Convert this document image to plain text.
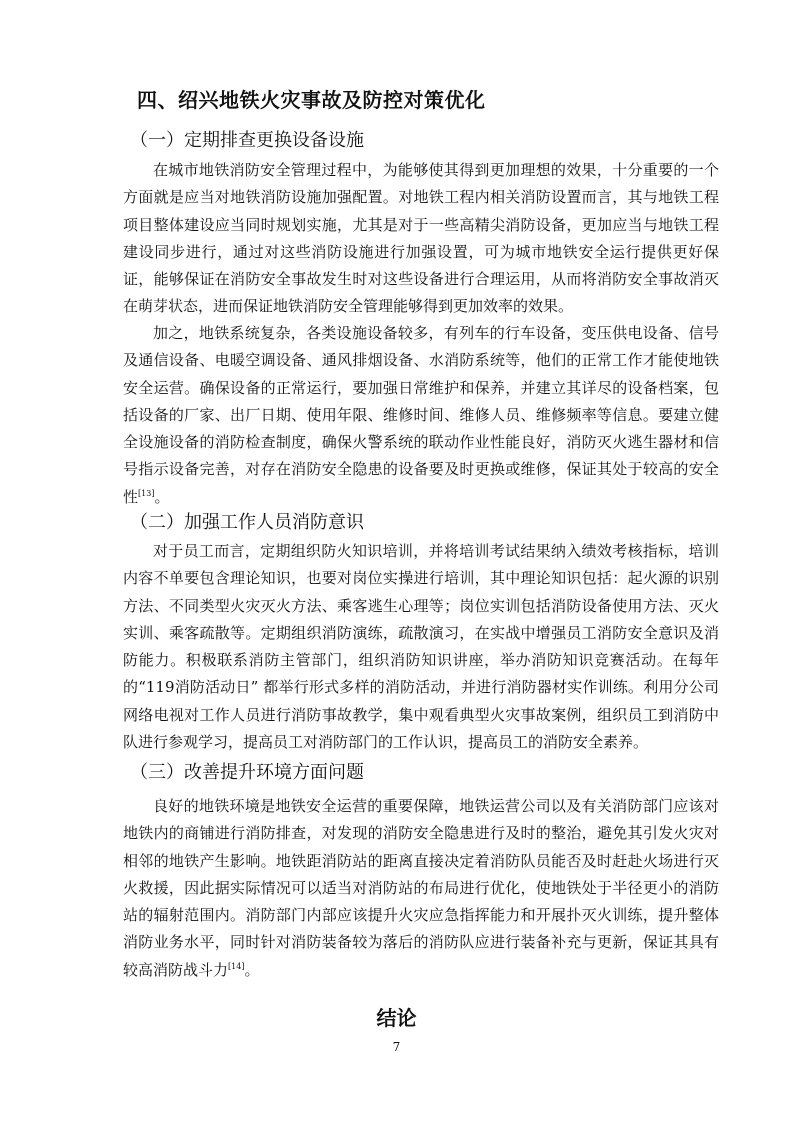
四、绍兴地铁火灾事故及防控对策优化
（一）定期排查更换设备设施

在城市地铁消防安全管理过程中，为能够使其得到更加理想的效果，十分重要的一个方面就是应当对地铁消防设施加强配置。对地铁工程内相关消防设置而言，其与地铁工程项目整体建设应当同时规划实施，尤其是对于一些高精尖消防设备，更加应当与地铁工程建设同步进行，通过对这些消防设施进行加强设置，可为城市地铁安全运行提供更好保证，能够保证在消防安全事故发生时对这些设备进行合理运用，从而将消防安全事故消灭在萌芽状态，进而保证地铁消防安全管理能够得到更加效率的效果。

加之，地铁系统复杂，各类设施设备较多，有列车的行车设备，变压供电设备、信号及通信设备、电暖空调设备、通风排烟设备、水消防系统等，他们的正常工作才能使地铁安全运营。确保设备的正常运行，要加强日常维护和保养，并建立其详尽的设备档案，包括设备的厂家、出厂日期、使用年限、维修时间、维修人员、维修频率等信息。要建立健全设施设备的消防检查制度，确保火警系统的联动作业性能良好，消防灭火逃生器材和信号指示设备完善，对存在消防安全隐患的设备要及时更换或维修，保证其处于较高的安全性[13]。

（二）加强工作人员消防意识

对于员工而言，定期组织防火知识培训，并将培训考试结果纳入绩效考核指标，培训内容不单要包含理论知识，也要对岗位实操进行培训，其中理论知识包括：起火源的识别方法、不同类型火灾灭火方法、乘客逃生心理等；岗位实训包括消防设备使用方法、灭火实训、乘客疏散等。定期组织消防演练，疏散演习，在实战中增强员工消防安全意识及消防能力。积极联系消防主管部门，组织消防知识讲座，举办消防知识竞赛活动。在每年的“119消防活动日” 都举行形式多样的消防活动，并进行消防器材实作训练。利用分公司网络电视对工作人员进行消防事故教学，集中观看典型火灾事故案例，组织员工到消防中队进行参观学习，提高员工对消防部门的工作认识，提高员工的消防安全素养。

（三）改善提升环境方面问题

良好的地铁环境是地铁安全运营的重要保障，地铁运营公司以及有关消防部门应该对地铁内的商铺进行消防排查，对发现的消防安全隐患进行及时的整治，避免其引发火灾对相邻的地铁产生影响。地铁距消防站的距离直接决定着消防队员能否及时赶赴火场进行灭火救援，因此据实际情况可以适当对消防站的布局进行优化，使地铁处于半径更小的消防站的辐射范围内。消防部门内部应该提升火灾应急指挥能力和开展扑灭火训练，提升整体消防业务水平，同时针对消防装备较为落后的消防队应进行装备补充与更新，保证其具有较高消防战斗力[14]。

结论
7
